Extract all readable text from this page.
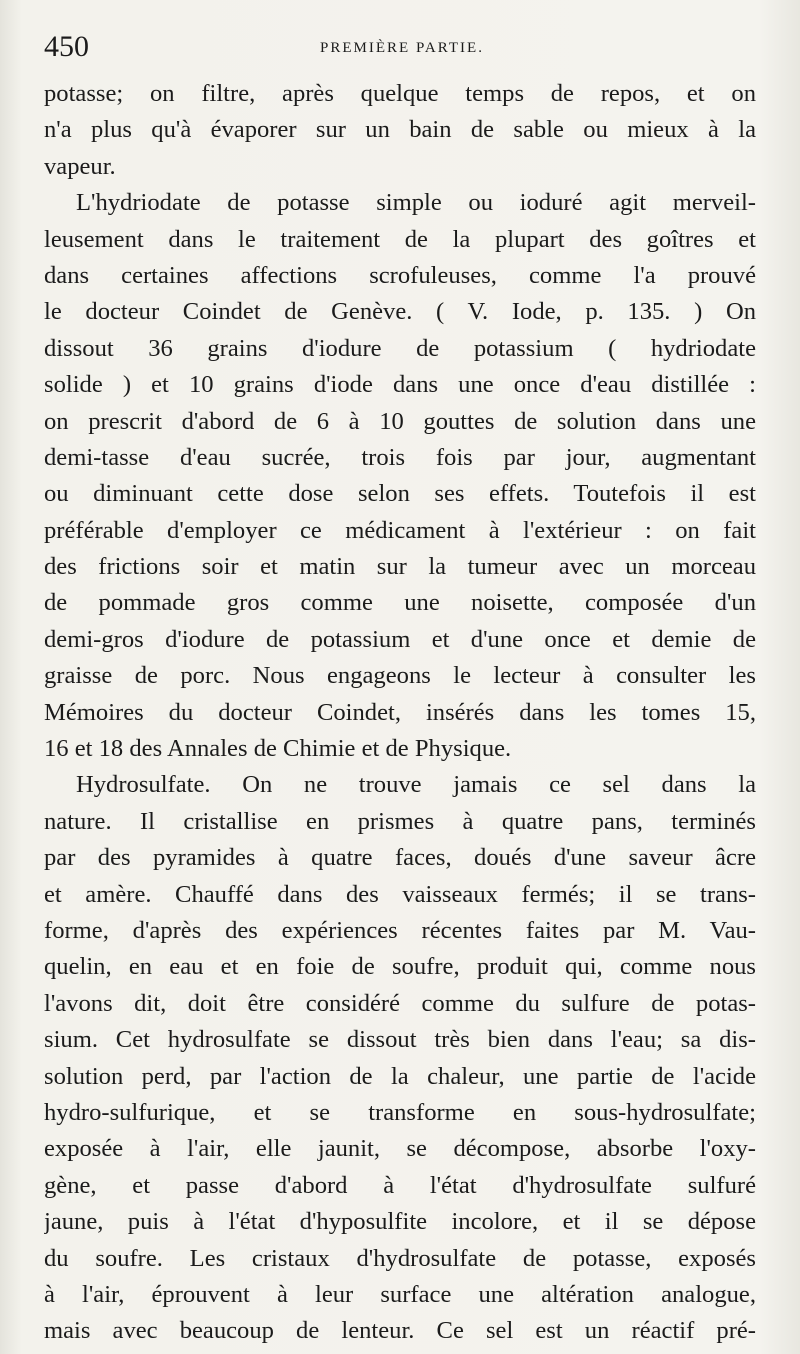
450	PREMIÈRE PARTIE.
potasse; on filtre, après quelque temps de repos, et on
n'a plus qu'à évaporer sur un bain de sable ou mieux à la
vapeur.
L'hydriodate de potasse simple ou ioduré agit merveil-
leusement dans le traitement de la plupart des goîtres et
dans certaines affections scrofuleuses, comme l'a prouvé
le docteur Coindet de Genève. ( V. Iode, p. 135. ) On
dissout 36 grains d'iodure de potassium ( hydriodate
solide ) et 10 grains d'iode dans une once d'eau distillée :
on prescrit d'abord de 6 à 10 gouttes de solution dans une
demi-tasse d'eau sucrée, trois fois par jour, augmentant
ou diminuant cette dose selon ses effets. Toutefois il est
préférable d'employer ce médicament à l'extérieur : on fait
des frictions soir et matin sur la tumeur avec un morceau
de pommade gros comme une noisette, composée d'un
demi-gros d'iodure de potassium et d'une once et demie de
graisse de porc. Nous engageons le lecteur à consulter les
Mémoires du docteur Coindet, insérés dans les tomes 15,
16 et 18 des Annales de Chimie et de Physique.
Hydrosulfate. On ne trouve jamais ce sel dans la
nature. Il cristallise en prismes à quatre pans, terminés
par des pyramides à quatre faces, doués d'une saveur âcre
et amère. Chauffé dans des vaisseaux fermés; il se trans-
forme, d'après des expériences récentes faites par M. Vau-
quelin, en eau et en foie de soufre, produit qui, comme nous
l'avons dit, doit être considéré comme du sulfure de potas-
sium. Cet hydrosulfate se dissout très bien dans l'eau; sa dis-
solution perd, par l'action de la chaleur, une partie de l'acide
hydro-sulfurique, et se transforme en sous-hydrosulfate;
exposée à l'air, elle jaunit, se décompose, absorbe l'oxy-
gène, et passe d'abord à l'état d'hydrosulfate sulfuré
jaune, puis à l'état d'hyposulfite incolore, et il se dépose
du soufre. Les cristaux d'hydrosulfate de potasse, exposés
à l'air, éprouvent à leur surface une altération analogue,
mais avec beaucoup de lenteur. Ce sel est un réactif pré-
